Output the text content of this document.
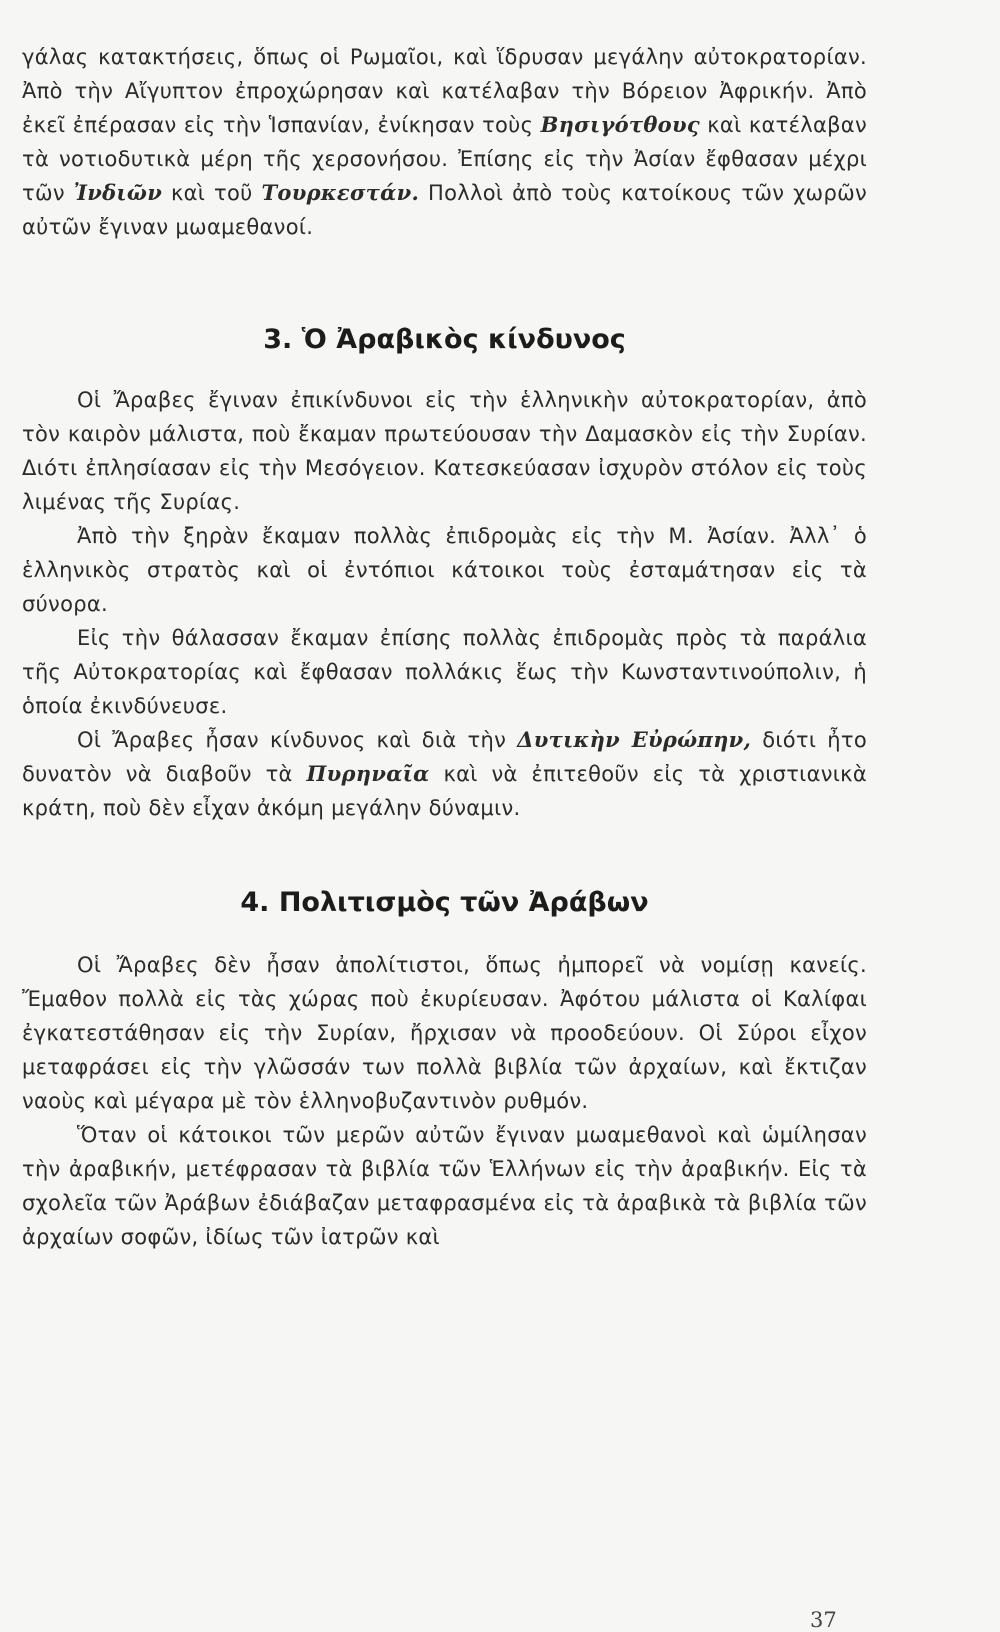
γάλας κατακτήσεις, ὅπως οἱ Ρωμαῖοι, καὶ ἵδρυσαν μεγάλην αὐτοκρατορίαν. Ἀπὸ τὴν Αἴγυπτον ἐπροχώρησαν καὶ κατέλαβαν τὴν Βόρειον Ἀφρικήν. Ἀπὸ ἐκεῖ ἐπέρασαν εἰς τὴν Ἱσπανίαν, ἐνίκησαν τοὺς Βησιγότθους καὶ κατέλαβαν τὰ νοτιοδυτικὰ μέρη τῆς χερσονήσου. Ἐπίσης εἰς τὴν Ἀσίαν ἔφθασαν μέχρι τῶν Ἰνδιῶν καὶ τοῦ Τουρκεστάν. Πολλοὶ ἀπὸ τοὺς κατοίκους τῶν χωρῶν αὐτῶν ἔγιναν μωαμεθανοί.

3. Ὁ Ἀραβικὸς κίνδυνος

Οἱ Ἄραβες ἔγιναν ἐπικίνδυνοι εἰς τὴν ἑλληνικὴν αὐτοκρατορίαν, ἀπὸ τὸν καιρὸν μάλιστα, ποὺ ἔκαμαν πρωτεύουσαν τὴν Δαμασκὸν εἰς τὴν Συρίαν. Διότι ἐπλησίασαν εἰς τὴν Μεσόγειον. Κατεσκεύασαν ἰσχυρὸν στόλον εἰς τοὺς λιμένας τῆς Συρίας.

Ἀπὸ τὴν ξηρὰν ἔκαμαν πολλὰς ἐπιδρομὰς εἰς τὴν Μ. Ἀσίαν. Ἀλλ᾽ ὁ ἑλληνικὸς στρατὸς καὶ οἱ ἐντόπιοι κάτοικοι τοὺς ἐσταμάτησαν εἰς τὰ σύνορα.

Εἰς τὴν θάλασσαν ἔκαμαν ἐπίσης πολλὰς ἐπιδρομὰς πρὸς τὰ παράλια τῆς Αὐτοκρατορίας καὶ ἔφθασαν πολλάκις ἕως τὴν Κωνσταντινούπολιν, ἡ ὁποία ἐκινδύνευσε.

Οἱ Ἄραβες ἦσαν κίνδυνος καὶ διὰ τὴν Δυτικὴν Εὐρώπην, διότι ἦτο δυνατὸν νὰ διαβοῦν τὰ Πυρηναῖα καὶ νὰ ἐπιτεθοῦν εἰς τὰ χριστιανικὰ κράτη, ποὺ δὲν εἶχαν ἀκόμη μεγάλην δύναμιν.

4. Πολιτισμὸς τῶν Ἀράβων

Οἱ Ἄραβες δὲν ἦσαν ἀπολίτιστοι, ὅπως ἠμπορεῖ νὰ νομίσῃ κανείς. Ἔμαθον πολλὰ εἰς τὰς χώρας ποὺ ἐκυρίευσαν. Ἀφότου μάλιστα οἱ Καλίφαι ἐγκατεστάθησαν εἰς τὴν Συρίαν, ἤρχισαν νὰ προοδεύουν. Οἱ Σύροι εἶχον μεταφράσει εἰς τὴν γλῶσσάν των πολλὰ βιβλία τῶν ἀρχαίων, καὶ ἔκτιζαν ναοὺς καὶ μέγαρα μὲ τὸν ἑλληνοβυζαντινὸν ρυθμόν.

Ὅταν οἱ κάτοικοι τῶν μερῶν αὐτῶν ἔγιναν μωαμεθανοὶ καὶ ὡμίλησαν τὴν ἀραβικήν, μετέφρασαν τὰ βιβλία τῶν Ἑλλήνων εἰς τὴν ἀραβικήν. Εἰς τὰ σχολεῖα τῶν Ἀράβων ἐδιάβαζαν μεταφρασμένα εἰς τὰ ἀραβικὰ τὰ βιβλία τῶν ἀρχαίων σοφῶν, ἰδίως τῶν ἰατρῶν καὶ

37
